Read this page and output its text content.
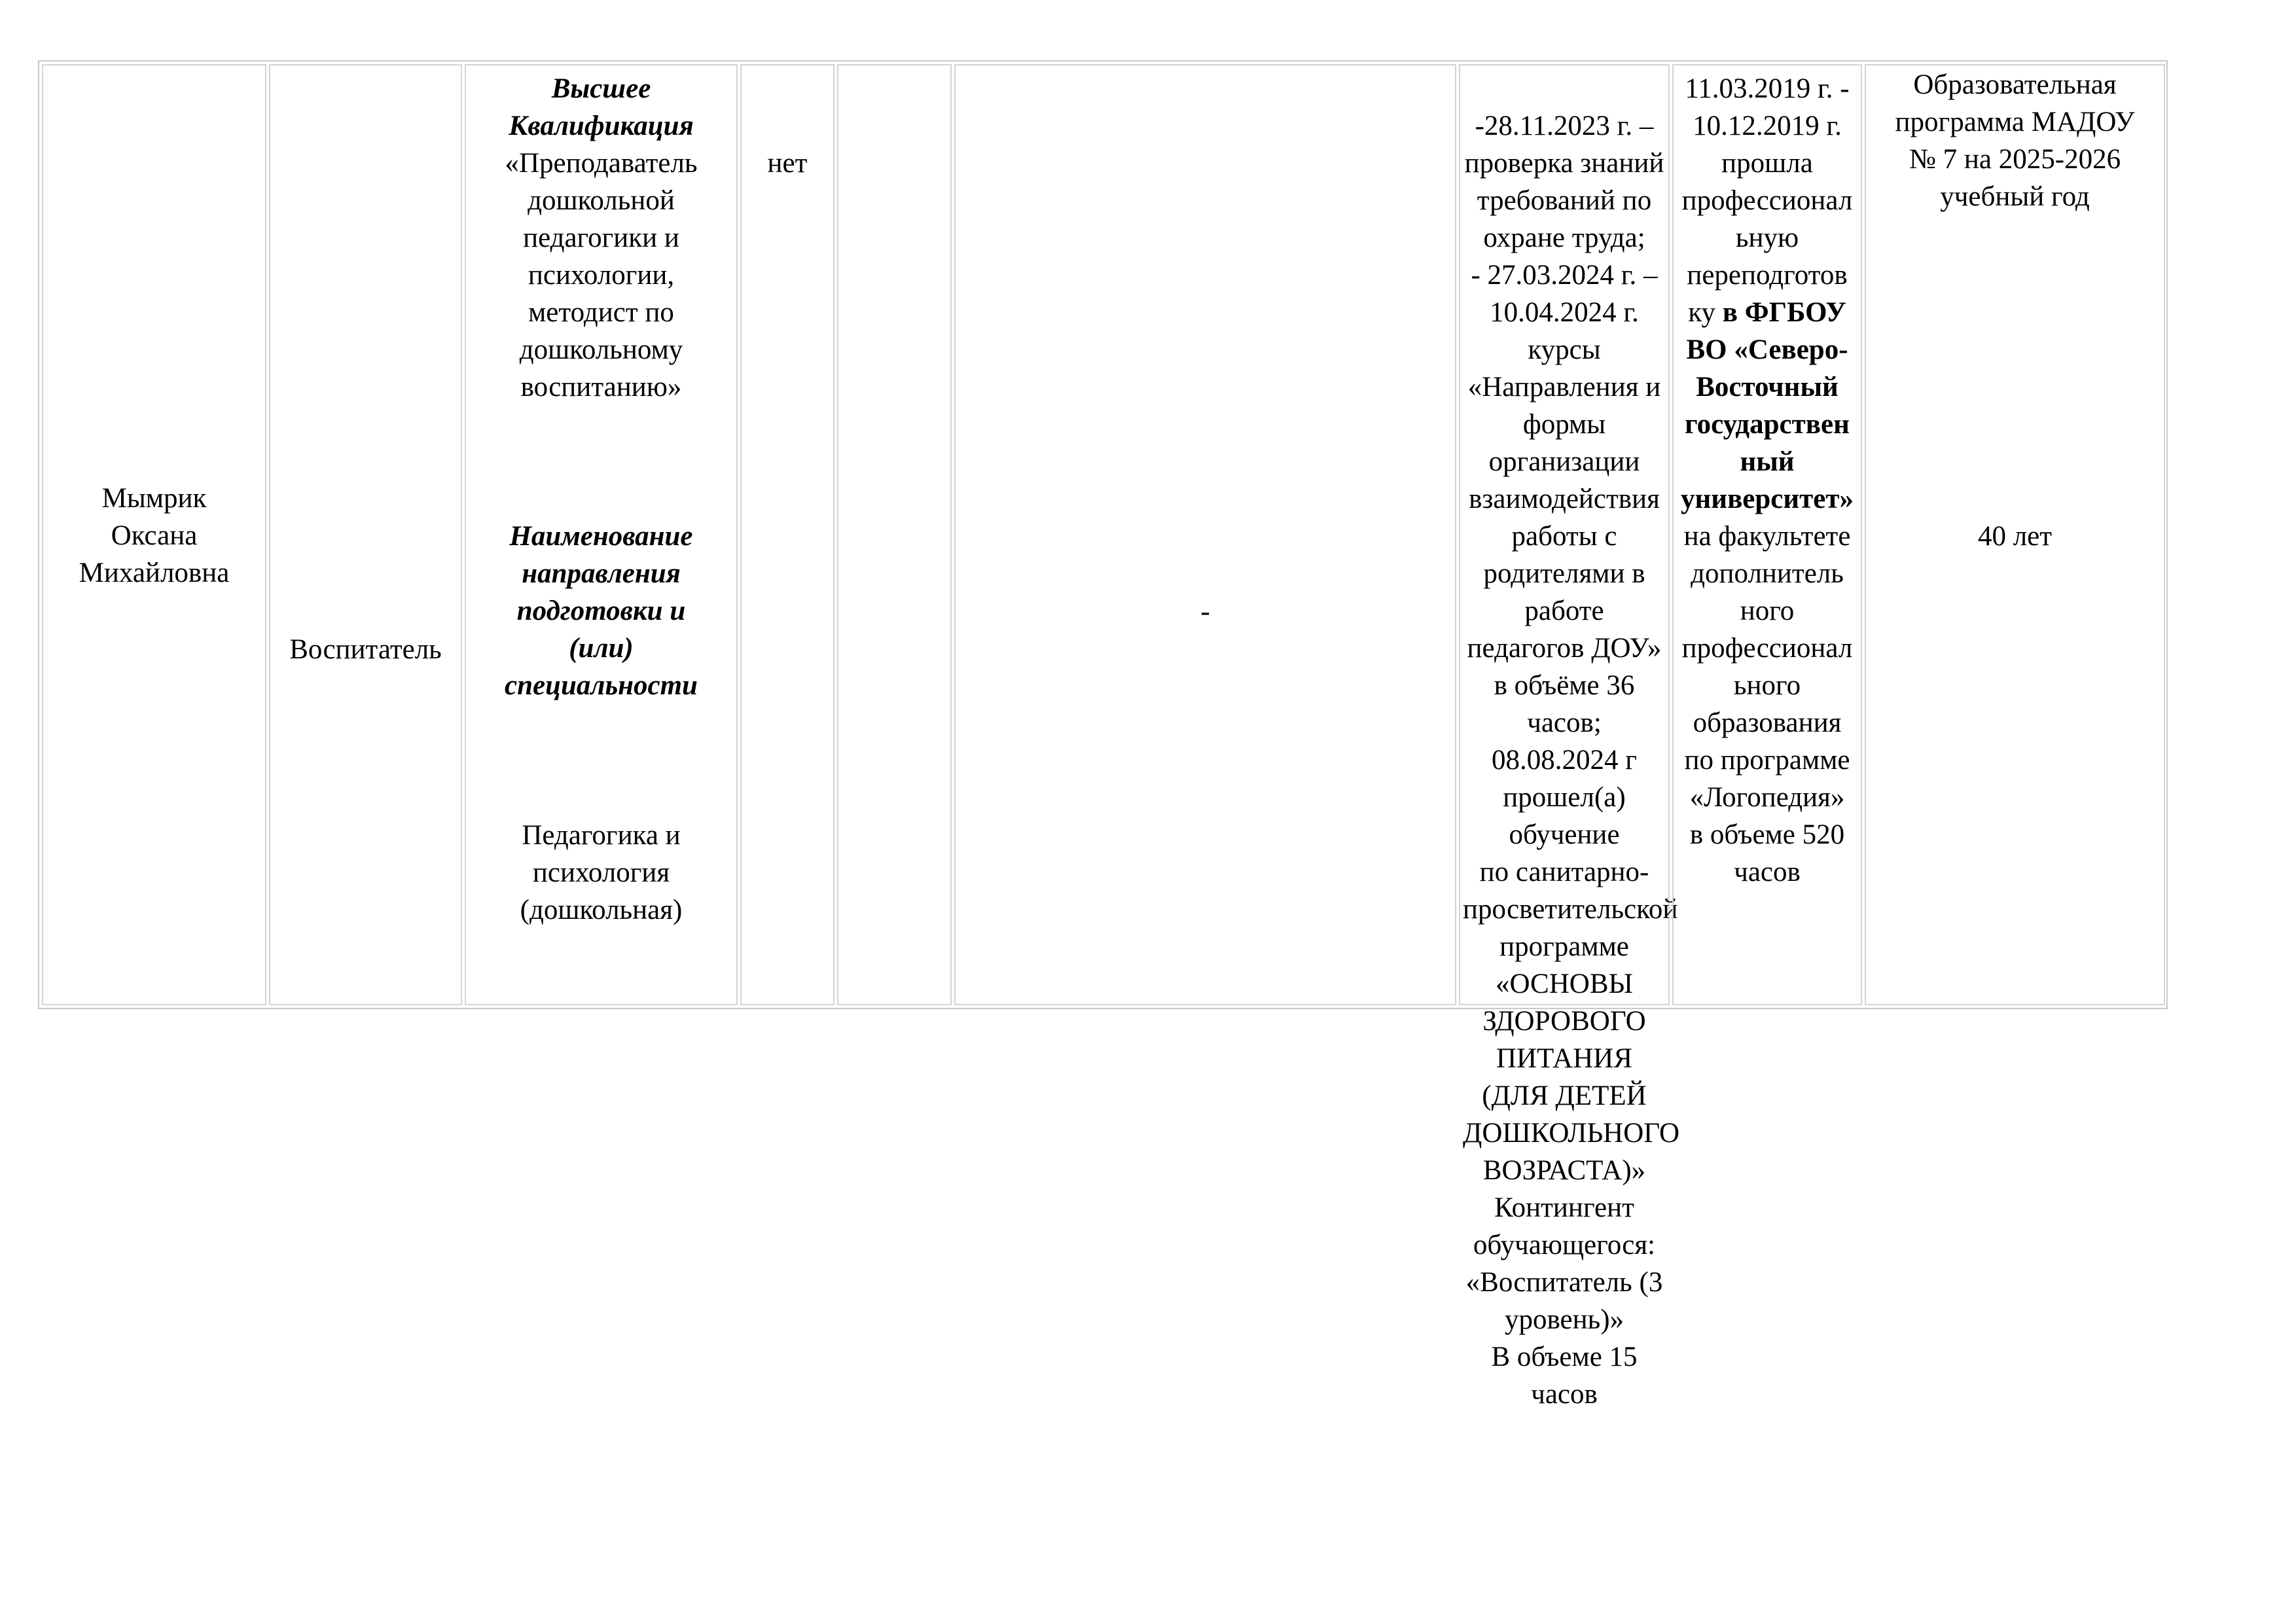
Мымрик
Оксана
Михайловна
Воспитатель
Высшее
Квалификация
«Преподаватель
дошкольной
педагогики и
психологии,
методист по
дошкольному
воспитанию»
Наименование
направления
подготовки и
(или)
специальности
Педагогика и
психология
(дошкольная)
нет
-
-28.11.2023 г. – проверка знаний
требований по охране труда;
- 27.03.2024 г. – 10.04.2024 г.
курсы «Направления и формы
организации взаимодействия
работы с родителями в работе
педагогов ДОУ» в объёме 36
часов;
08.08.2024 г прошел(а) обучение
по санитарно-просветительской
программе
«ОСНОВЫ ЗДОРОВОГО
ПИТАНИЯ (ДЛЯ ДЕТЕЙ
ДОШКОЛЬНОГО ВОЗРАСТА)»
Контингент обучающегося:
«Воспитатель (3 уровень)»
В объеме 15 часов
11.03.2019 г. -
10.12.2019 г.
прошла
профессионал
ьную
переподготов
ку в ФГБОУ
ВО «Северо-
Восточный
государствен
ный
университет»
на факультете
дополнитель
ного
профессионал
ьного
образования
по программе
«Логопедия»
в объеме 520
часов
40 лет
Образовательная
программа МАДОУ
№ 7 на 2025-2026
учебный год
